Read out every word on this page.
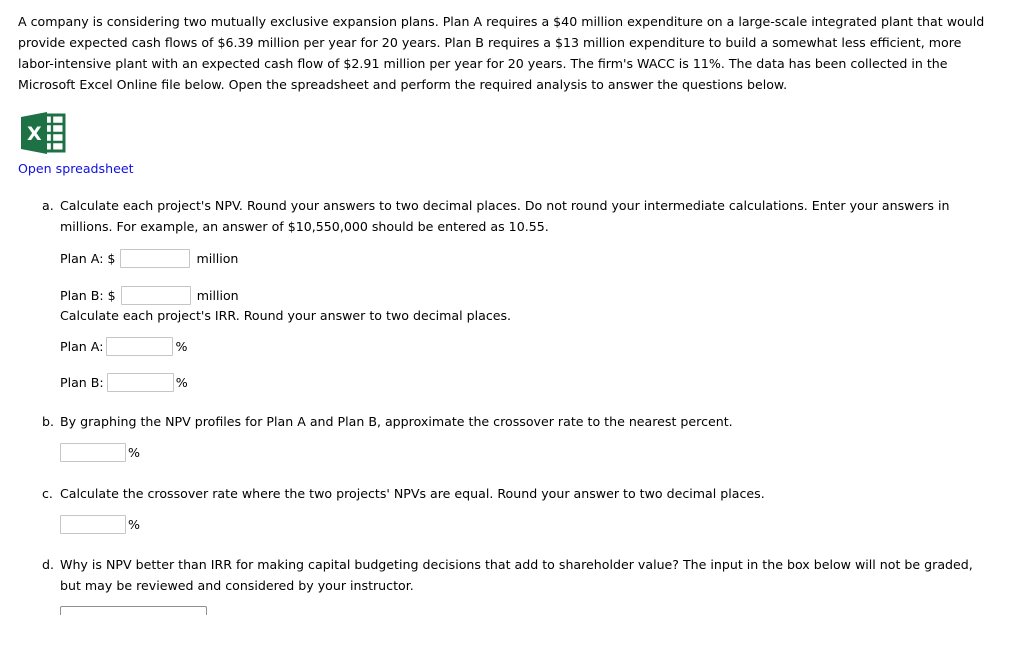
A company is considering two mutually exclusive expansion plans. Plan A requires a $40 million expenditure on a large-scale integrated plant that would provide expected cash flows of $6.39 million per year for 20 years. Plan B requires a $13 million expenditure to build a somewhat less efficient, more labor-intensive plant with an expected cash flow of $2.91 million per year for 20 years. The firm's WACC is 11%. The data has been collected in the Microsoft Excel Online file below. Open the spreadsheet and perform the required analysis to answer the questions below.

X
Open spreadsheet
a. Calculate each project's NPV. Round your answers to two decimal places. Do not round your intermediate calculations. Enter your answers in millions. For example, an answer of $10,550,000 should be entered as 10.55.

Plan A: $	million
Plan B: $	million

Calculate each project's IRR. Round your answer to two decimal places.

Plan A:	%
Plan B:	%
b. By graphing the NPV profiles for Plan A and Plan B, approximate the crossover rate to the nearest percent.

%
c. Calculate the crossover rate where the two projects' NPVs are equal. Round your answer to two decimal places.

%
d. Why is NPV better than IRR for making capital budgeting decisions that add to shareholder value? The input in the box below will not be graded, but may be reviewed and considered by your instructor.
